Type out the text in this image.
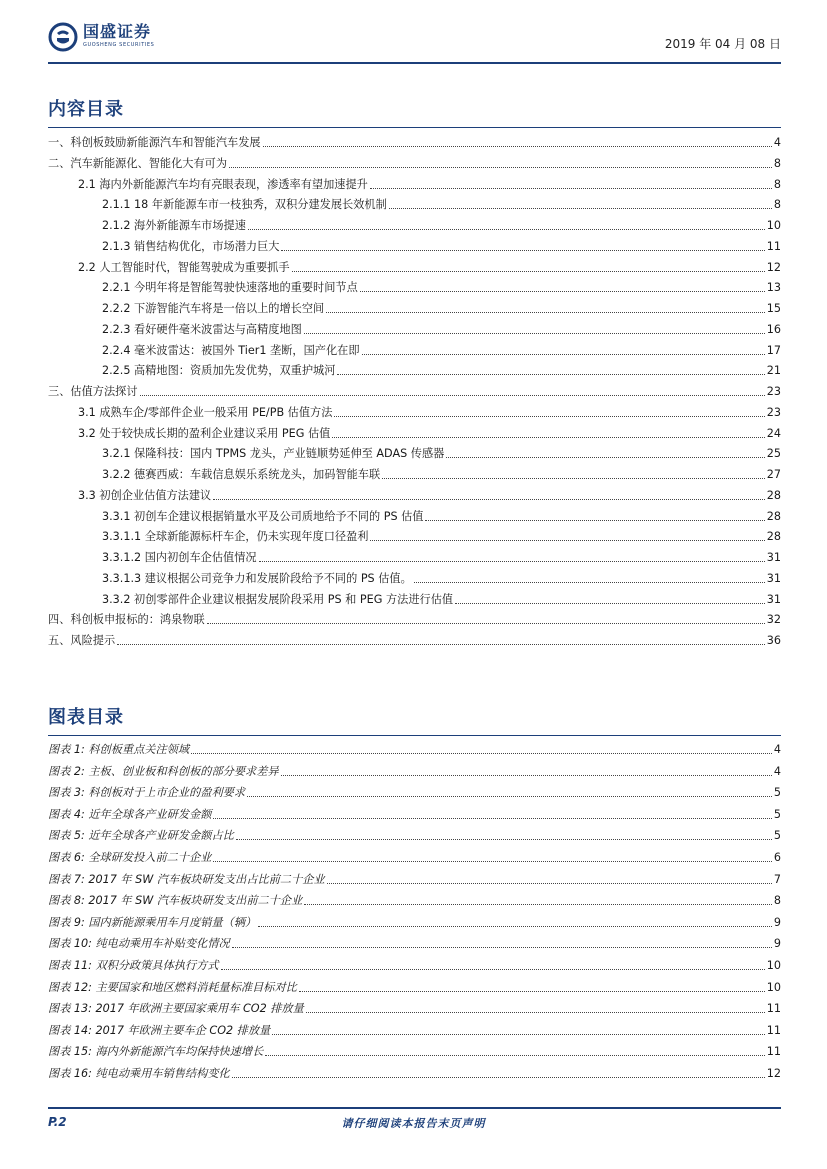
国盛证券
GUOSHENG SECURITIES	2019 年 04 月 08 日
内容目录
一、科创板鼓励新能源汽车和智能汽车发展	4
二、汽车新能源化、智能化大有可为	8
2.1 海内外新能源汽车均有亮眼表现，渗透率有望加速提升	8
2.1.1 18 年新能源车市一枝独秀，双积分建发展长效机制	8
2.1.2 海外新能源车市场提速	10
2.1.3 销售结构优化，市场潜力巨大	11
2.2 人工智能时代，智能驾驶成为重要抓手	12
2.2.1 今明年将是智能驾驶快速落地的重要时间节点	13
2.2.2 下游智能汽车将是一倍以上的增长空间	15
2.2.3 看好硬件毫米波雷达与高精度地图	16
2.2.4 毫米波雷达：被国外 Tier1 垄断，国产化在即	17
2.2.5 高精地图：资质加先发优势，双重护城河	21
三、估值方法探讨	23
3.1 成熟车企/零部件企业一般采用 PE/PB 估值方法	23
3.2 处于较快成长期的盈利企业建议采用 PEG 估值	24
3.2.1 保隆科技：国内 TPMS 龙头，产业链顺势延伸至 ADAS 传感器	25
3.2.2 德赛西威：车载信息娱乐系统龙头，加码智能车联	27
3.3 初创企业估值方法建议	28
3.3.1 初创车企建议根据销量水平及公司质地给予不同的 PS 估值	28
3.3.1.1 全球新能源标杆车企，仍未实现年度口径盈利	28
3.3.1.2 国内初创车企估值情况	31
3.3.1.3 建议根据公司竞争力和发展阶段给予不同的 PS 估值。	31
3.3.2 初创零部件企业建议根据发展阶段采用 PS 和 PEG 方法进行估值	31
四、科创板申报标的：鸿泉物联	32
五、风险提示	36
图表目录
图表 1: 科创板重点关注领域	4
图表 2: 主板、创业板和科创板的部分要求差异	4
图表 3: 科创板对于上市企业的盈利要求	5
图表 4: 近年全球各产业研发金额	5
图表 5: 近年全球各产业研发金额占比	5
图表 6: 全球研发投入前二十企业	6
图表 7: 2017 年 SW 汽车板块研发支出占比前二十企业	7
图表 8: 2017 年 SW 汽车板块研发支出前二十企业	8
图表 9: 国内新能源乘用车月度销量（辆）	9
图表 10: 纯电动乘用车补贴变化情况	9
图表 11: 双积分政策具体执行方式	10
图表 12: 主要国家和地区燃料消耗量标准目标对比	10
图表 13: 2017 年欧洲主要国家乘用车 CO2 排放量	11
图表 14: 2017 年欧洲主要车企 CO2 排放量	11
图表 15: 海内外新能源汽车均保持快速增长	11
图表 16: 纯电动乘用车销售结构变化	12
P.2	请仔细阅读本报告末页声明
